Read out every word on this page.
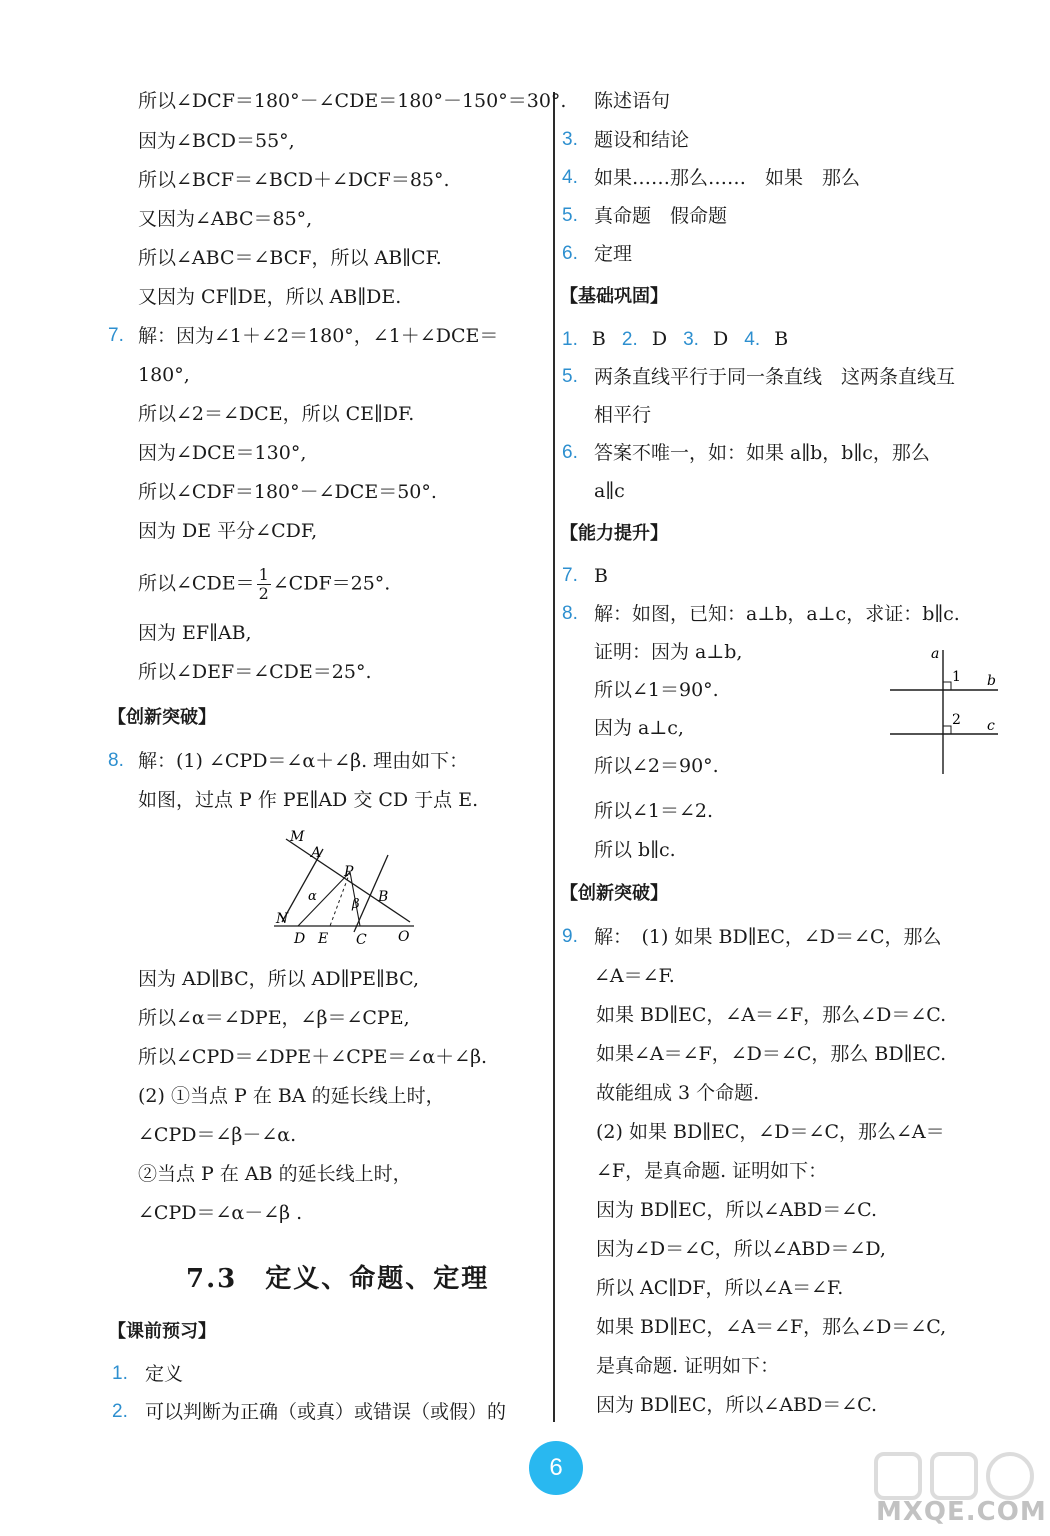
所以∠DCF＝180°－∠CDE＝180°－150°＝30°.
因为∠BCD＝55°,
所以∠BCF＝∠BCD＋∠DCF＝85°.
又因为∠ABC＝85°,
所以∠ABC＝∠BCF，所以 AB∥CF.
又因为 CF∥DE，所以 AB∥DE.
7. 解：因为∠1＋∠2＝180°，∠1＋∠DCE＝
180°,
所以∠2＝∠DCE，所以 CE∥DF.
因为∠DCE＝130°,
所以∠CDF＝180°－∠DCE＝50°.
因为 DE 平分∠CDF,
所以∠CDE＝ $\frac{1}{2}$ ∠CDF＝25°.
因为 EF∥AB,
所以∠DEF＝∠CDE＝25°.
【创新突破】
8. 解：(1) ∠CPD＝∠α＋∠β. 理由如下：
如图，过点 P 作 PE∥AD 交 CD 于点 E.
M
A
P
B
N
D E C O
α
β
因为 AD∥BC，所以 AD∥PE∥BC,
所以∠α＝∠DPE，∠β＝∠CPE,
所以∠CPD＝∠DPE＋∠CPE＝∠α＋∠β.
(2) ①当点 P 在 BA 的延长线上时，
∠CPD＝∠β－∠α.
②当点 P 在 AB 的延长线上时，
∠CPD＝∠α－∠β .
7.3　定义、命题、定理
【课前预习】
1. 定义
2. 可以判断为正确（或真）或错误（或假）的
陈述语句
3. 题设和结论
4. 如果……那么……　如果　那么
5. 真命题　假命题
6. 定理
【基础巩固】
1. B 2. D 3. D 4. B
5. 两条直线平行于同一条直线　这两条直线互
相平行
6. 答案不唯一，如：如果 a∥b，b∥c，那么
a∥c
【能力提升】
7. B
8. 解：如图，已知：a⊥b，a⊥c，求证：b∥c.
证明：因为 a⊥b,
所以∠1＝90°.
因为 a⊥c,
所以∠2＝90°.
所以∠1＝∠2.
所以 b∥c.
a
b
c
1
2
【创新突破】
9. 解：　(1) 如果 BD∥EC，∠D＝∠C，那么
∠A＝∠F.
如果 BD∥EC，∠A＝∠F，那么∠D＝∠C.
如果∠A＝∠F，∠D＝∠C，那么 BD∥EC.
故能组成 3 个命题.
(2) 如果 BD∥EC，∠D＝∠C，那么∠A＝
∠F，是真命题. 证明如下：
因为 BD∥EC，所以∠ABD＝∠C.
因为∠D＝∠C，所以∠ABD＝∠D,
所以 AC∥DF，所以∠A＝∠F.
如果 BD∥EC，∠A＝∠F，那么∠D＝∠C,
是真命题. 证明如下：
因为 BD∥EC，所以∠ABD＝∠C.
6
MXQE.COM
